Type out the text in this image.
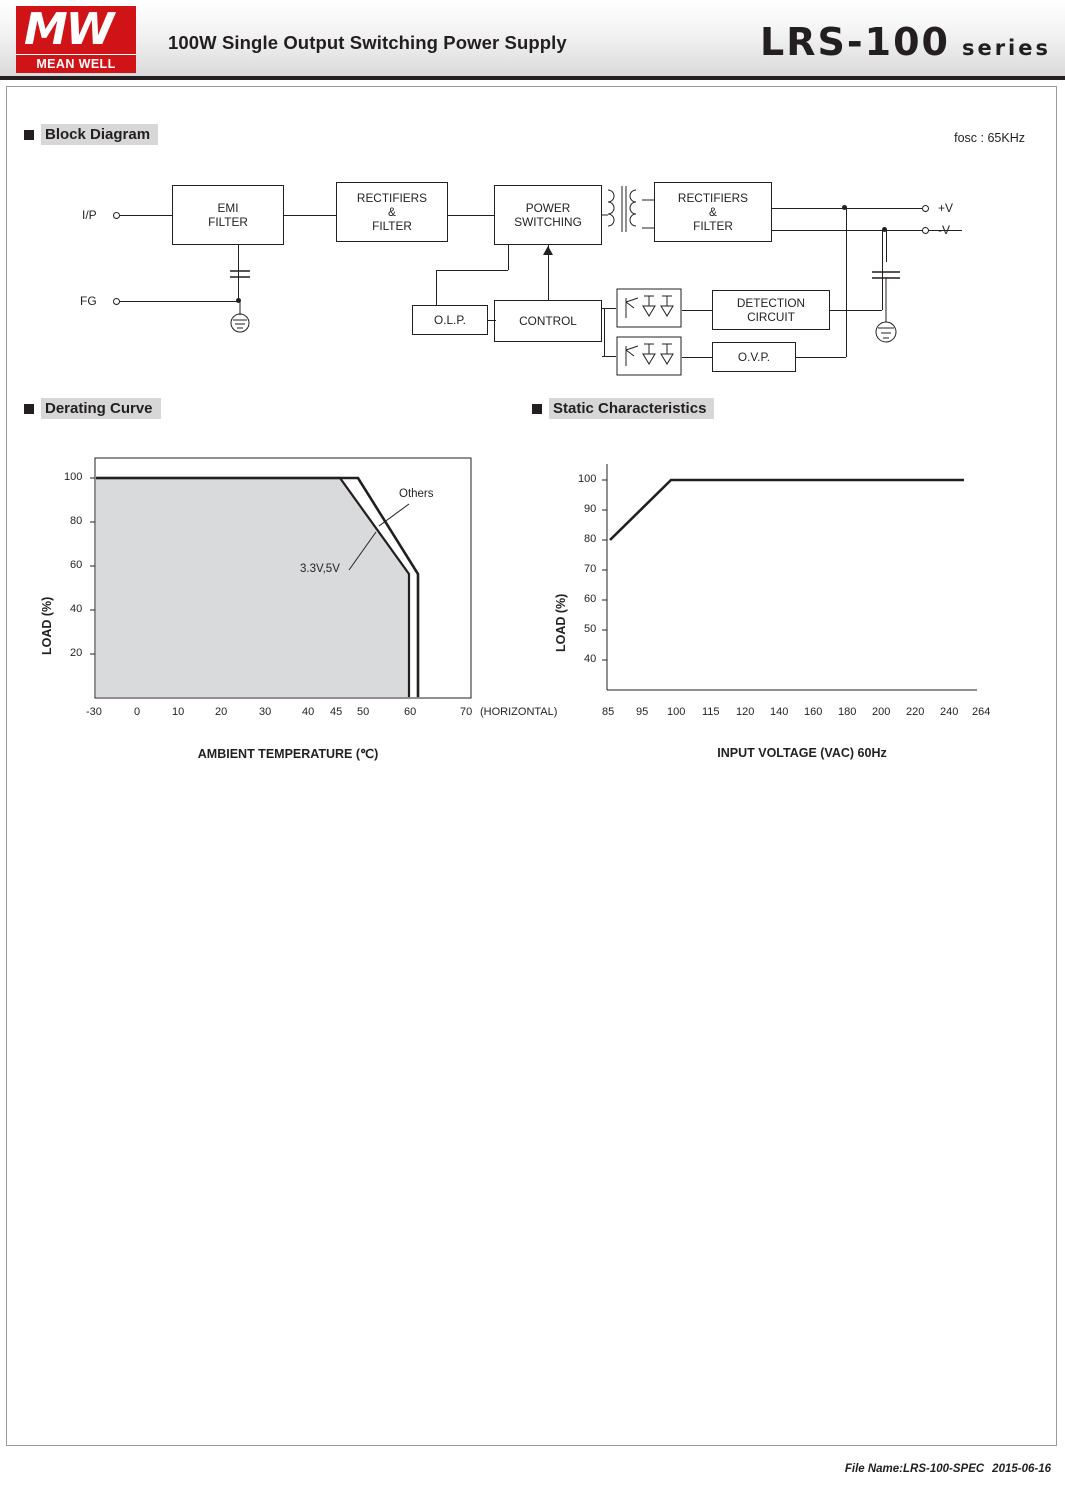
MW
MEAN WELL
100W Single Output Switching Power Supply	LRS-100 series
Block Diagram	fosc : 65KHz
I/P
FG
EMI
FILTER
RECTIFIERS
&
FILTER
POWER
SWITCHING
RECTIFIERS
&
FILTER
+V
-V
O.L.P.	CONTROL
DETECTION
CIRCUIT
O.V.P.
Derating Curve
LOAD (%)
100
80
60
40
20
-30	0	10	20	30	40 45 50	60	70 (HORIZONTAL)
Others
3.3V,5V
AMBIENT TEMPERATURE (℃)
Static Characteristics
LOAD (%)
100
90
80
70
60
50
40
85 95 100 115 120 140 160 180 200 220 240 264
INPUT VOLTAGE (VAC) 60Hz
File Name:LRS-100-SPEC 2015-06-16
